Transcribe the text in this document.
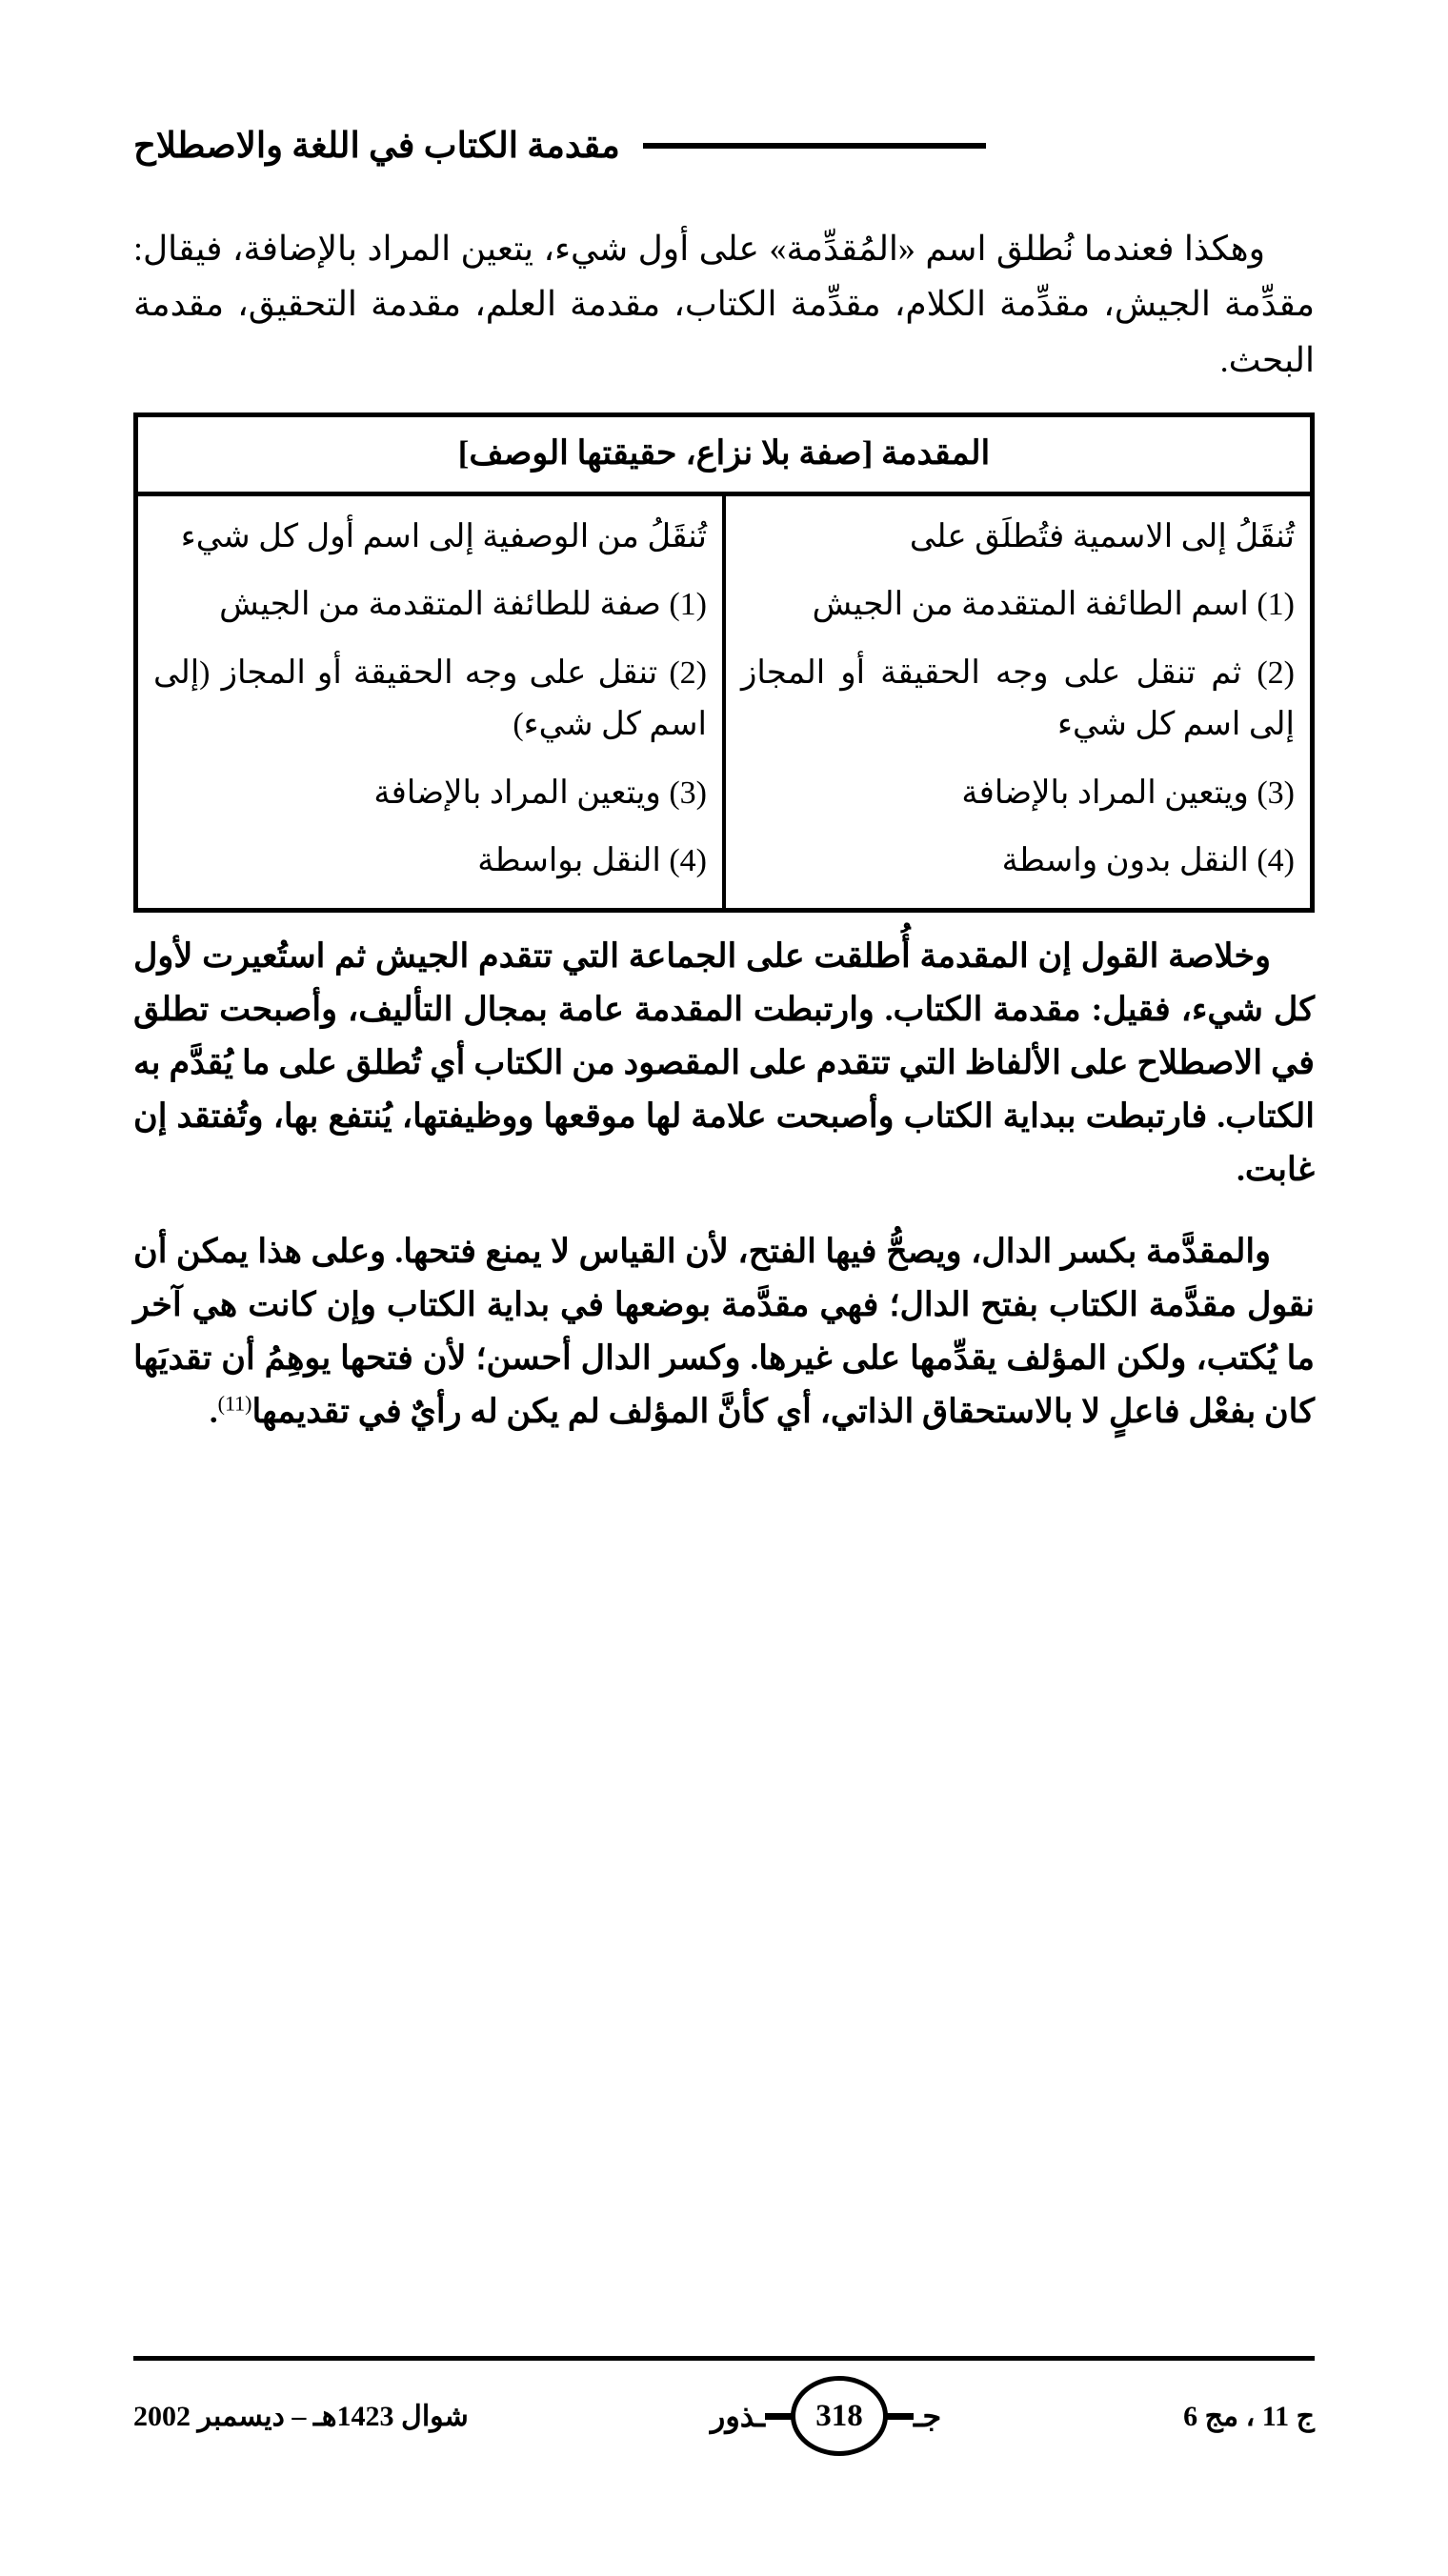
مقدمة الكتاب في اللغة والاصطلاح

وهكذا فعندما نُطلق اسم «المُقدِّمة» على أول شيء، يتعين المراد بالإضافة، فيقال: مقدِّمة الجيش، مقدِّمة الكلام، مقدِّمة الكتاب، مقدمة العلم، مقدمة التحقيق، مقدمة البحث.

المقدمة [صفة بلا نزاع، حقيقتها الوصف]	
تُنقَلُ إلى الاسمية فتُطلَق على	تُنقَلُ من الوصفية إلى اسم أول كل شيء
(1) اسم الطائفة المتقدمة من الجيش	(1) صفة للطائفة المتقدمة من الجيش
(2) ثم تنقل على وجه الحقيقة أو المجاز إلى اسم كل شيء	(2) تنقل على وجه الحقيقة أو المجاز (إلى اسم كل شيء)
(3) ويتعين المراد بالإضافة	(3) ويتعين المراد بالإضافة
(4) النقل بدون واسطة	(4) النقل بواسطة

وخلاصة القول إن المقدمة أُطلقت على الجماعة التي تتقدم الجيش ثم استُعيرت لأول كل شيء، فقيل: مقدمة الكتاب. وارتبطت المقدمة عامة بمجال التأليف، وأصبحت تطلق في الاصطلاح على الألفاظ التي تتقدم على المقصود من الكتاب أي تُطلق على ما يُقدَّم به الكتاب. فارتبطت ببداية الكتاب وأصبحت علامة لها موقعها ووظيفتها، يُنتفع بها، وتُفتقد إن غابت.

والمقدَّمة بكسر الدال، ويصحُّ فيها الفتح، لأن القياس لا يمنع فتحها. وعلى هذا يمكن أن نقول مقدَّمة الكتاب بفتح الدال؛ فهي مقدَّمة بوضعها في بداية الكتاب وإن كانت هي آخر ما يُكتب، ولكن المؤلف يقدِّمها على غيرها. وكسر الدال أحسن؛ لأن فتحها يوهِمُ أن تقديَها كان بفعْل فاعلٍ لا بالاستحقاق الذاتي، أي كأنَّ المؤلف لم يكن له رأيٌ في تقديمها$^{(11)}$.

ج 11 ، مج 6
جـ
318
ـذور
شوال 1423هـ – ديسمبر 2002
